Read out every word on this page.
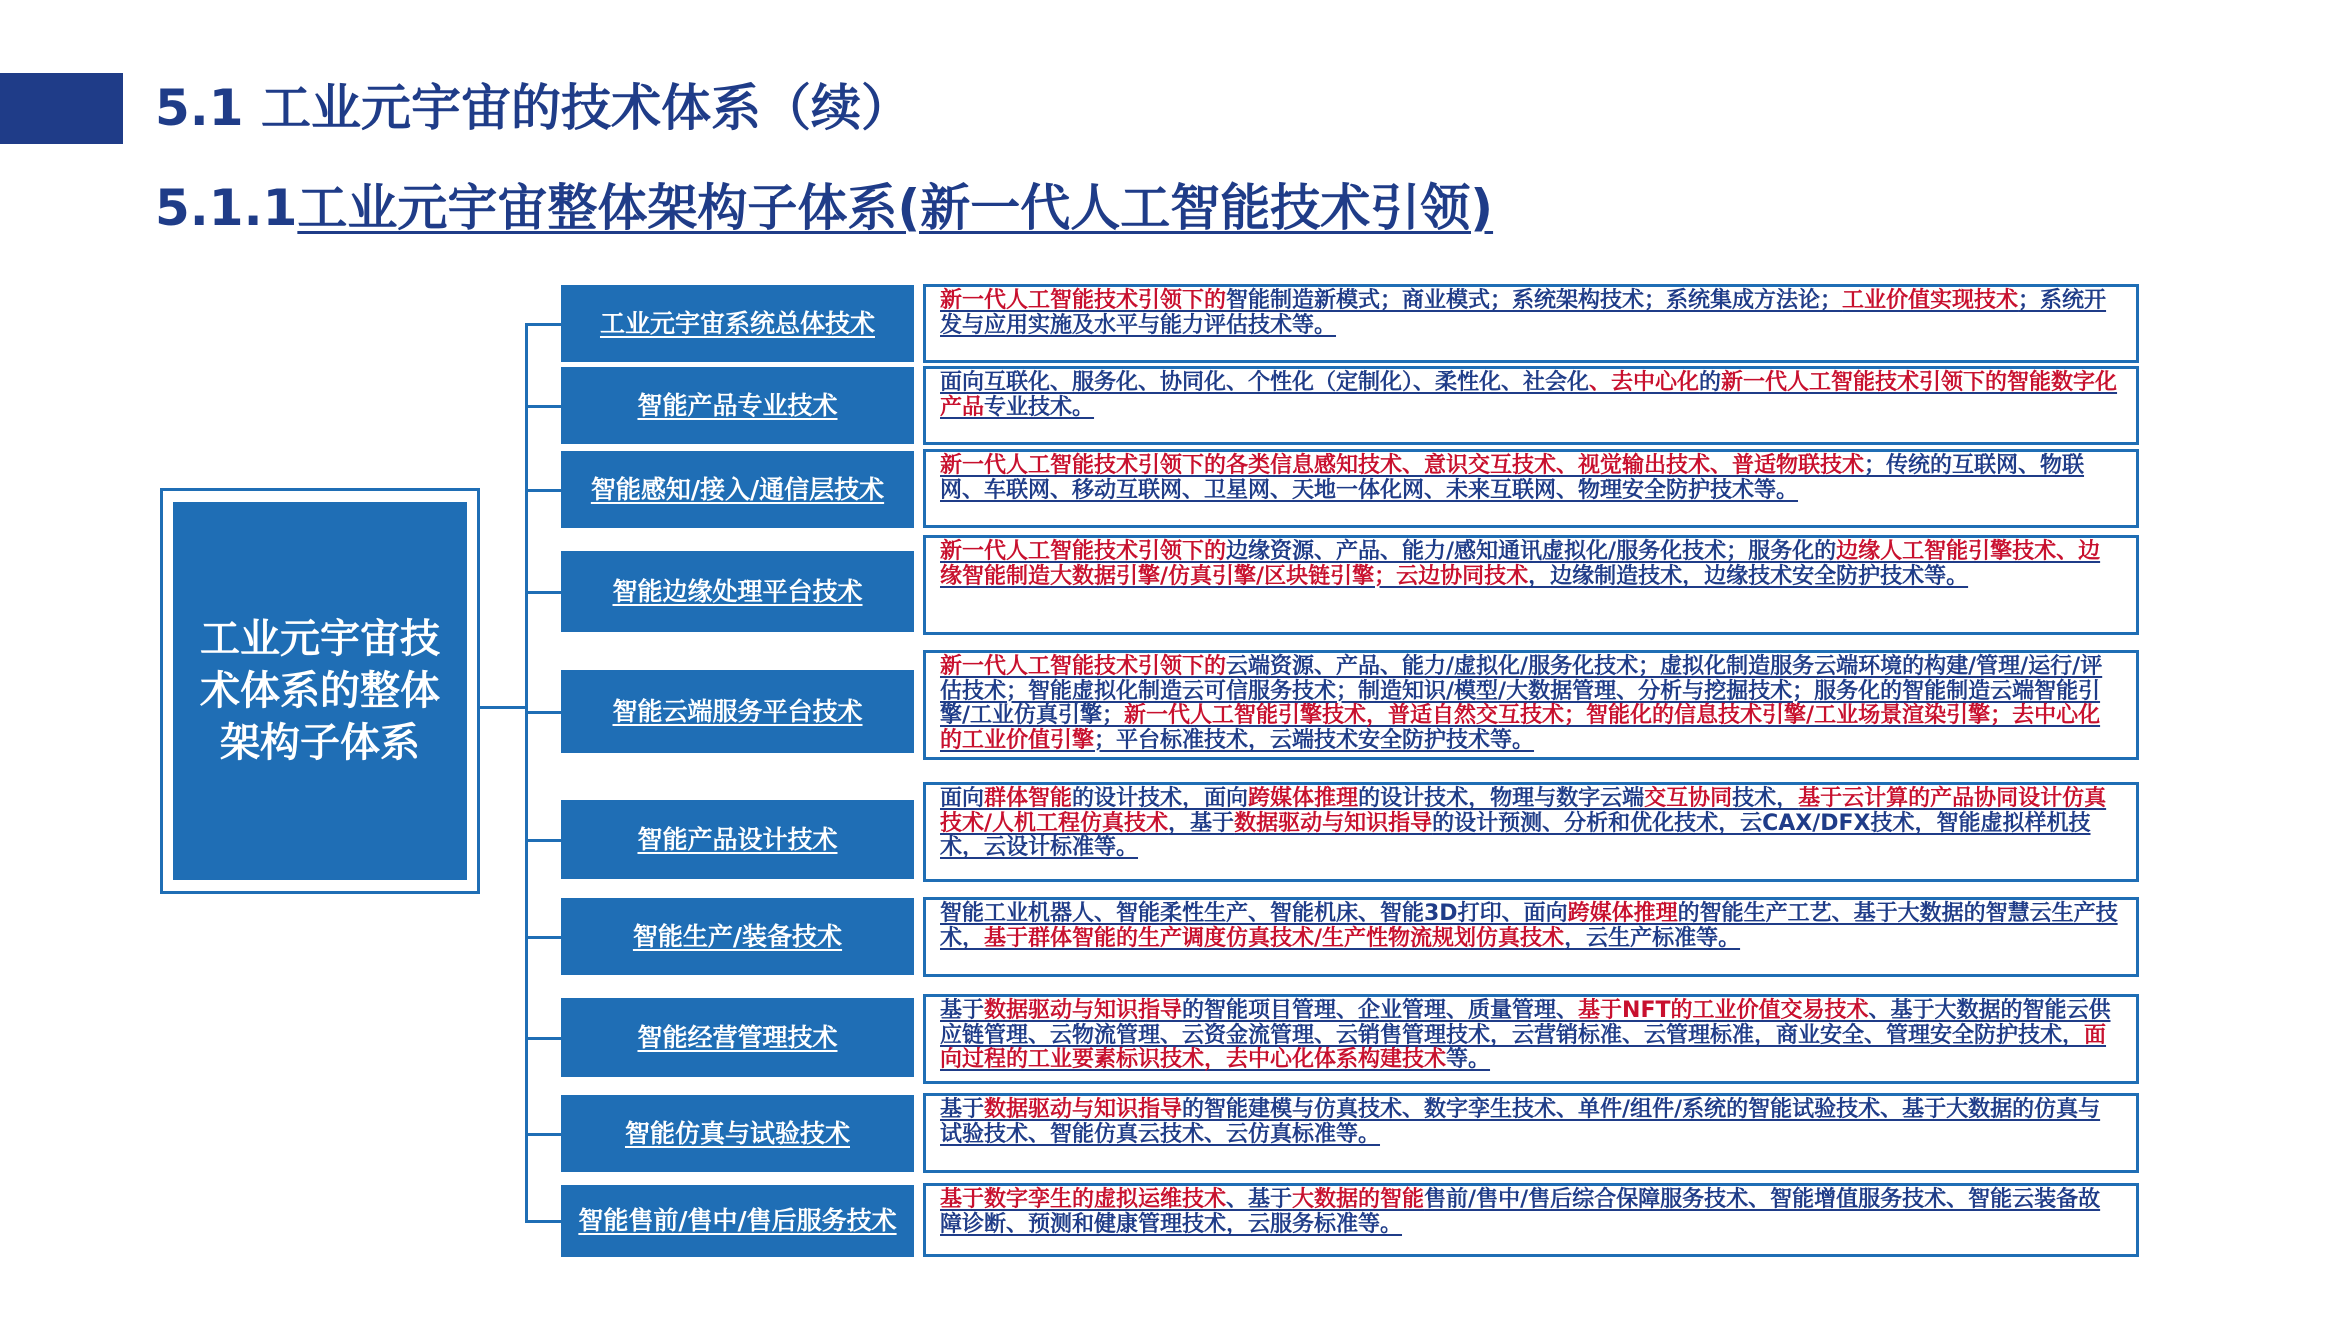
5.1 工业元宇宙的技术体系（续）
5.1.1工业元宇宙整体架构子体系(新一代人工智能技术引领)
工业元宇宙技术体系的整体架构子体系
工业元宇宙系统总体技术
新一代人工智能技术引领下的智能制造新模式；商业模式；系统架构技术；系统集成方法论；工业价值实现技术；系统开发与应用实施及水平与能力评估技术等。
智能产品专业技术
面向互联化、服务化、协同化、个性化（定制化）、柔性化、社会化、去中心化的新一代人工智能技术引领下的智能数字化产品专业技术。
智能感知/接入/通信层技术
新一代人工智能技术引领下的各类信息感知技术、意识交互技术、视觉输出技术、普适物联技术；传统的互联网、物联网、车联网、移动互联网、卫星网、天地一体化网、未来互联网、物理安全防护技术等。
智能边缘处理平台技术
新一代人工智能技术引领下的边缘资源、产品、能力/感知通讯虚拟化/服务化技术；服务化的边缘人工智能引擎技术、边缘智能制造大数据引擎/仿真引擎/区块链引擎；云边协同技术，边缘制造技术，边缘技术安全防护技术等。
智能云端服务平台技术
新一代人工智能技术引领下的云端资源、产品、能力/虚拟化/服务化技术；虚拟化制造服务云端环境的构建/管理/运行/评估技术；智能虚拟化制造云可信服务技术；制造知识/模型/大数据管理、分析与挖掘技术；服务化的智能制造云端智能引擎/工业仿真引擎；新一代人工智能引擎技术，普适自然交互技术；智能化的信息技术引擎/工业场景渲染引擎；去中心化的工业价值引擎；平台标准技术，云端技术安全防护技术等。
智能产品设计技术
面向群体智能的设计技术，面向跨媒体推理的设计技术，物理与数字云端交互协同技术，基于云计算的产品协同设计仿真技术/人机工程仿真技术，基于数据驱动与知识指导的设计预测、分析和优化技术，云CAX/DFX技术，智能虚拟样机技术，云设计标准等。
智能生产/装备技术
智能工业机器人、智能柔性生产、智能机床、智能3D打印、面向跨媒体推理的智能生产工艺、基于大数据的智慧云生产技术，基于群体智能的生产调度仿真技术/生产性物流规划仿真技术，云生产标准等。
智能经营管理技术
基于数据驱动与知识指导的智能项目管理、企业管理、质量管理、基于NFT的工业价值交易技术、基于大数据的智能云供应链管理、云物流管理、云资金流管理、云销售管理技术，云营销标准、云管理标准，商业安全、管理安全防护技术，面向过程的工业要素标识技术，去中心化体系构建技术等。
智能仿真与试验技术
基于数据驱动与知识指导的智能建模与仿真技术、数字孪生技术、单件/组件/系统的智能试验技术、基于大数据的仿真与试验技术、智能仿真云技术、云仿真标准等。
智能售前/售中/售后服务技术
基于数字孪生的虚拟运维技术、基于大数据的智能售前/售中/售后综合保障服务技术、智能增值服务技术、智能云装备故障诊断、预测和健康管理技术，云服务标准等。
